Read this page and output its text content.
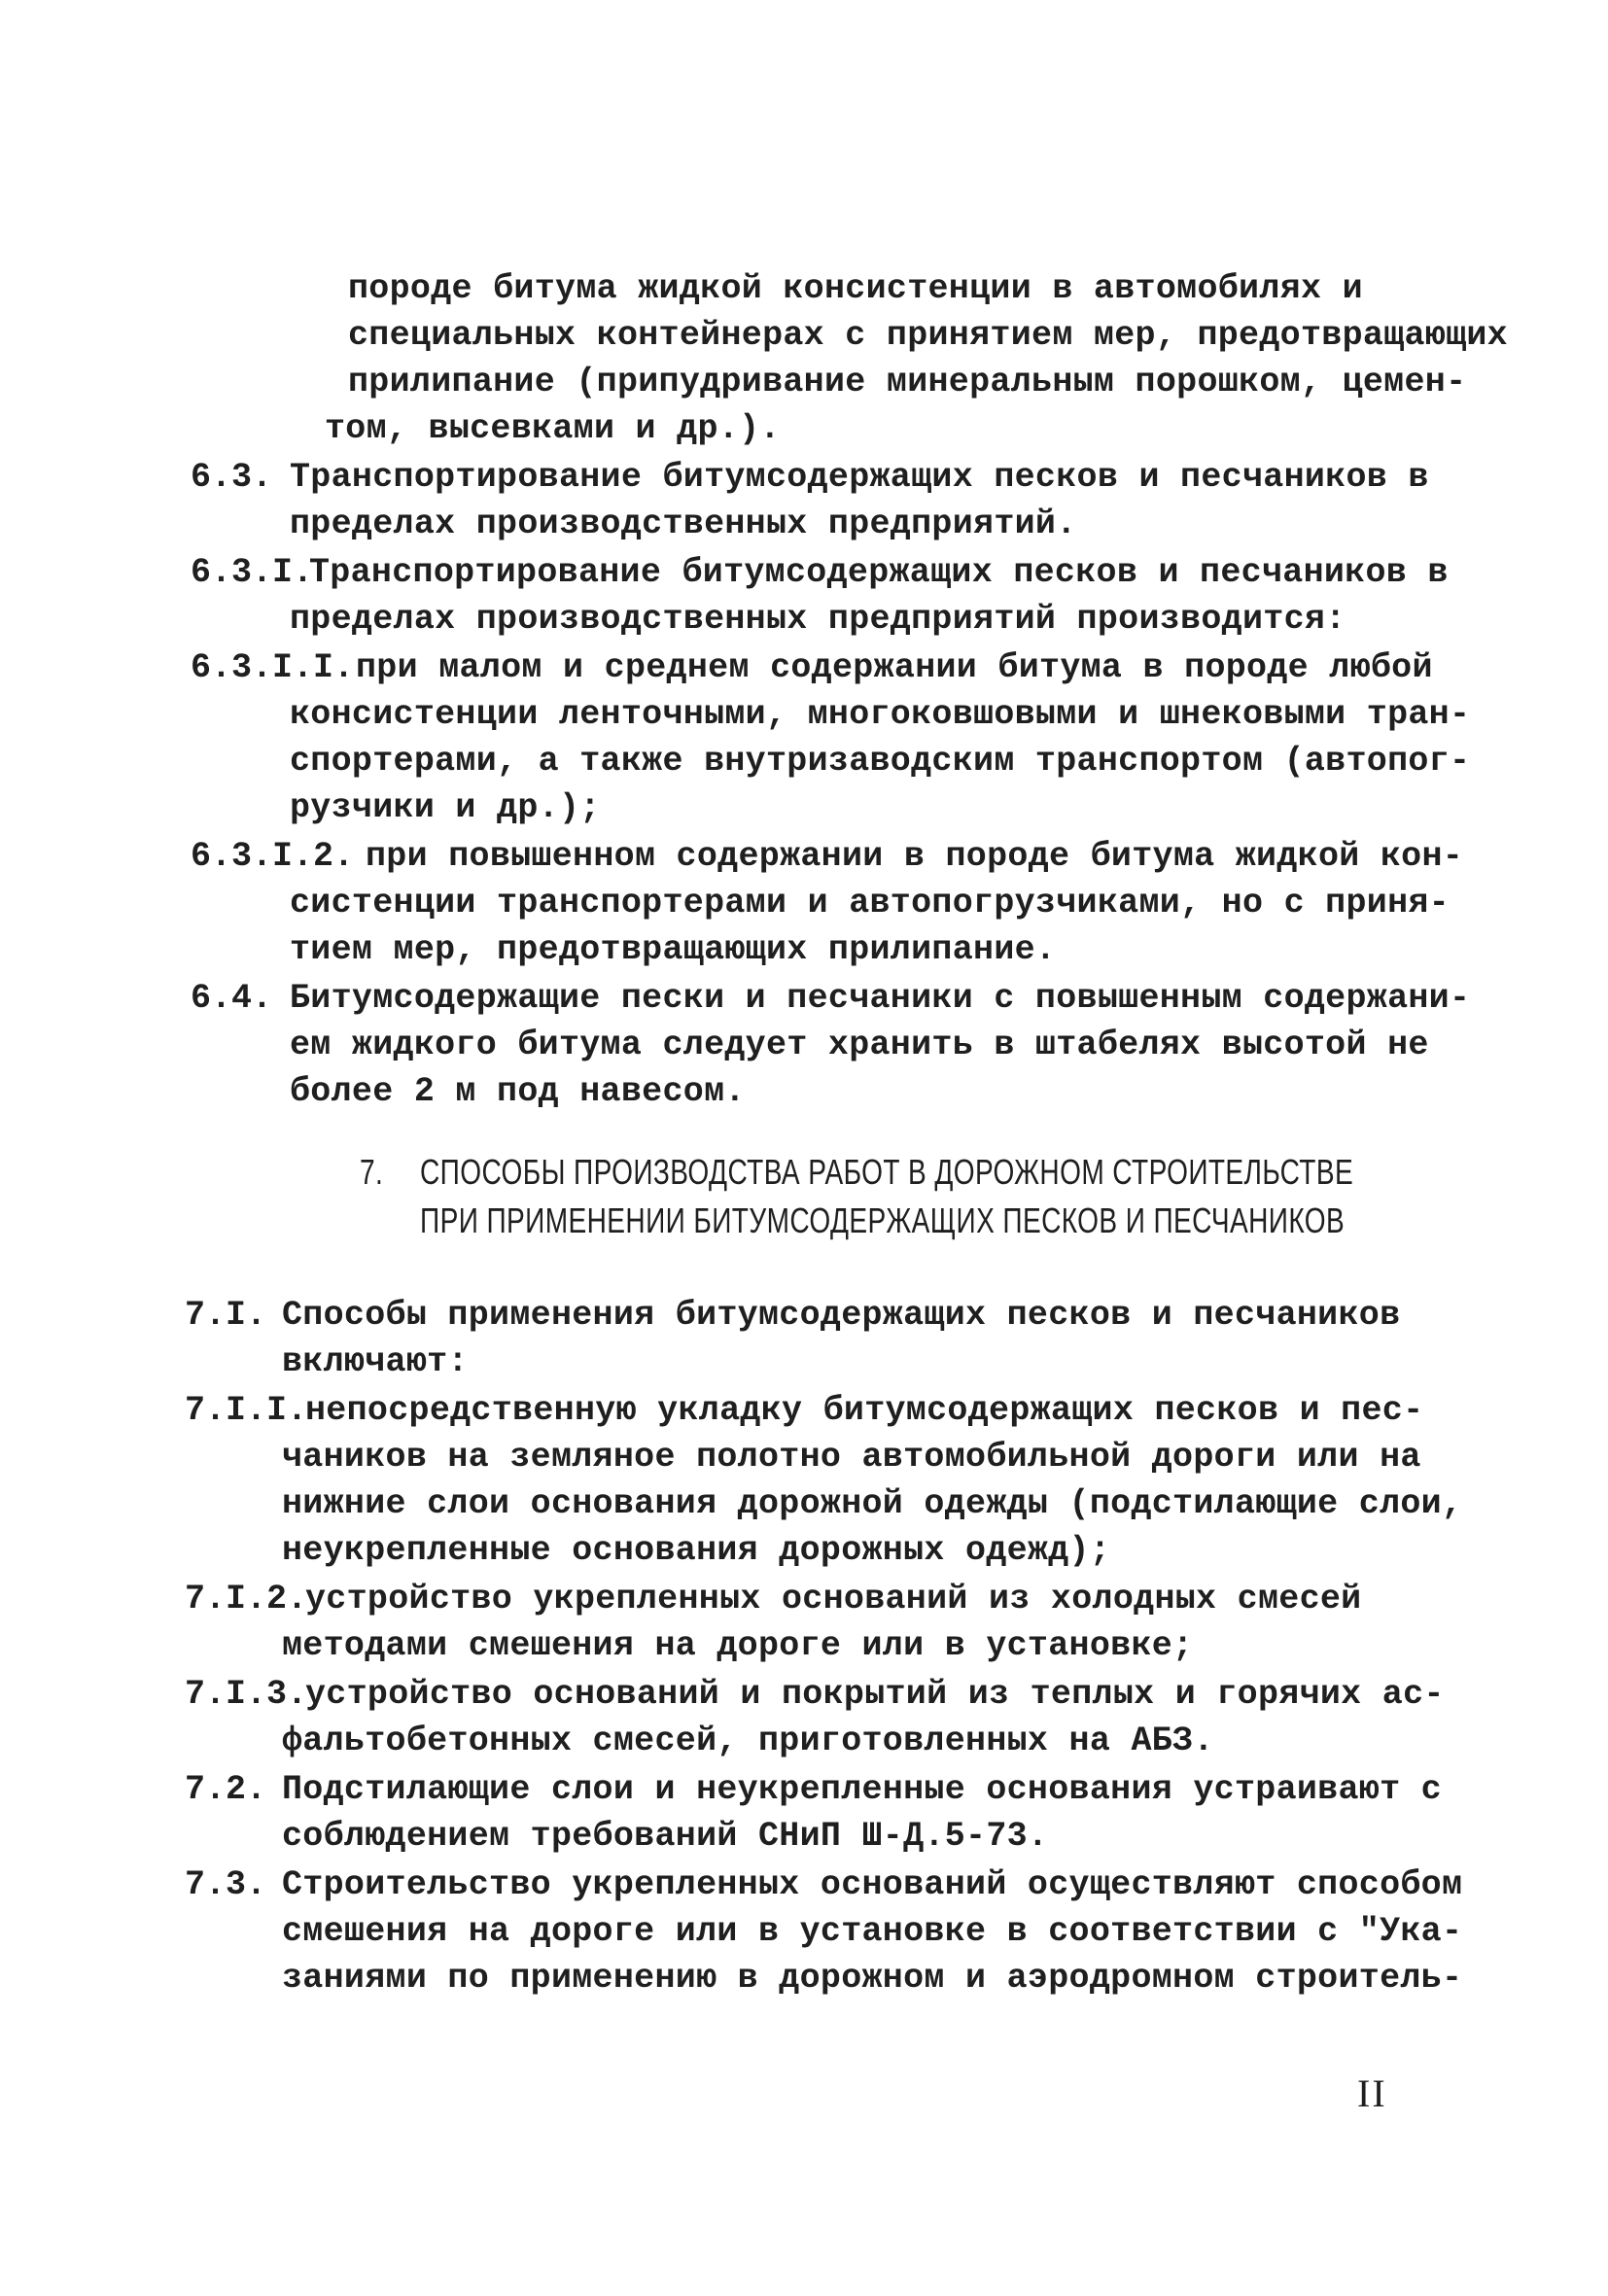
породе битума жидкой консистенции в автомобилях и
специальных контейнерах с принятием мер, предотвращающих
прилипание (припудривание минеральным порошком, цемен-
том, высевками и др.).
6.3. Транспортирование битумсодержащих песков и песчаников в
пределах производственных предприятий.
6.3.I.
Транспортирование битумсодержащих песков и песчаников в
пределах производственных предприятий производится:
6.3.I.I. при малом и среднем содержании битума в породе любой
консистенции ленточными, многоковшовыми и шнековыми тран-
спортерами, а также внутризаводским транспортом (автопог-
рузчики и др.);
6.3.I.2. при повышенном содержании в породе битума жидкой кон-
систенции транспортерами и автопогрузчиками, но с приня-
тием мер, предотвращающих прилипание.
6.4. Битумсодержащие пески и песчаники с повышенным содержани-
ем жидкого битума следует хранить в штабелях высотой не
более 2 м под навесом.
7. СПОСОБЫ ПРОИЗВОДСТВА РАБОТ В ДОРОЖНОМ СТРОИТЕЛЬСТВЕ
ПРИ ПРИМЕНЕНИИ БИТУМСОДЕРЖАЩИХ ПЕСКОВ И ПЕСЧАНИКОВ
7.I. Способы применения битумсодержащих песков и песчаников
включают:
7.I.I.
непосредственную укладку битумсодержащих песков и пес-
чаников на земляное полотно автомобильной дороги или на
нижние слои основания дорожной одежды (подстилающие слои,
неукрепленные основания дорожных одежд);
7.I.2.
устройство укрепленных оснований из холодных смесей
методами смешения на дороге или в установке;
7.I.3.
устройство оснований и покрытий из теплых и горячих ас-
фальтобетонных смесей, приготовленных на АБЗ.
7.2. Подстилающие слои и неукрепленные основания устраивают с
соблюдением требований СНиП Ш-Д.5-73.
7.3. Строительство укрепленных оснований осуществляют способом
смешения на дороге или в установке в соответствии с "Ука-
заниями по применению в дорожном и аэродромном строитель-
II
